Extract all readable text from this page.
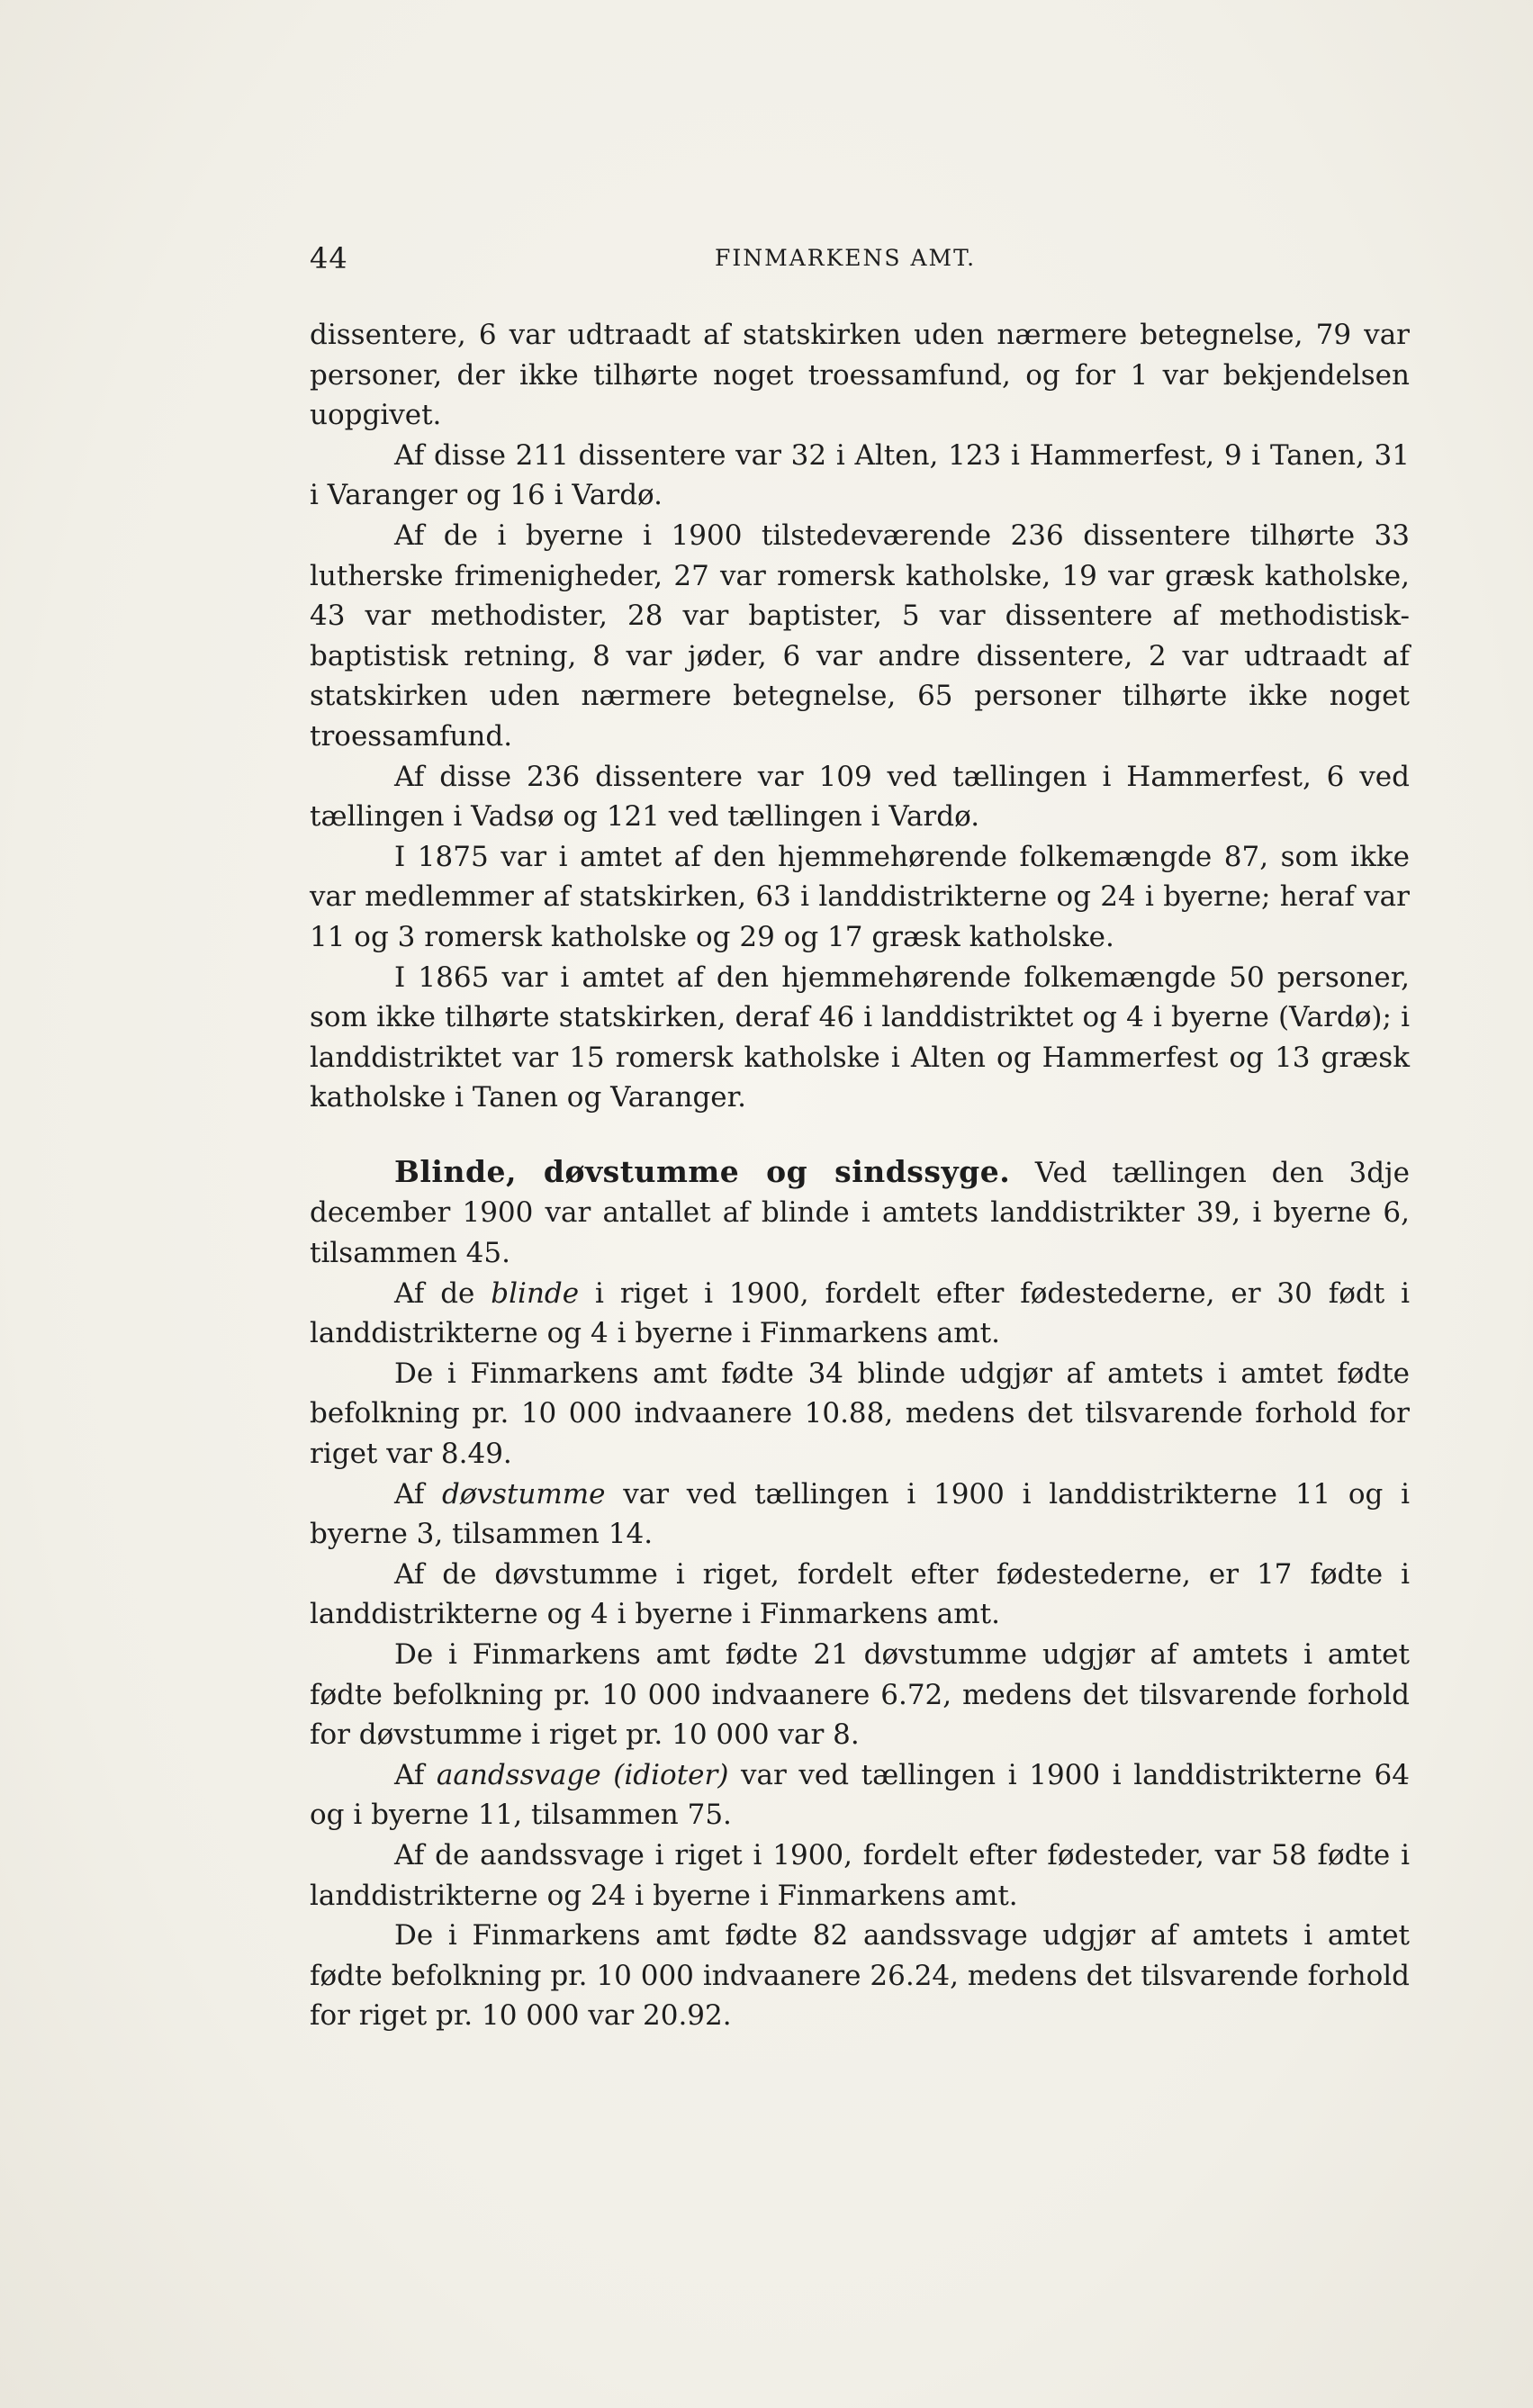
44	FINMARKENS AMT.

dissentere, 6 var udtraadt af statskirken uden nærmere betegnelse, 79 var personer, der ikke tilhørte noget troessamfund, og for 1 var bekjendelsen uopgivet.

Af disse 211 dissentere var 32 i Alten, 123 i Hammerfest, 9 i Tanen, 31 i Varanger og 16 i Vardø.

Af de i byerne i 1900 tilstedeværende 236 dissentere tilhørte 33 lutherske frimenigheder, 27 var romersk katholske, 19 var græsk katholske, 43 var methodister, 28 var baptister, 5 var dissentere af methodistisk-baptistisk retning, 8 var jøder, 6 var andre dissentere, 2 var udtraadt af statskirken uden nærmere betegnelse, 65 personer tilhørte ikke noget troessamfund.

Af disse 236 dissentere var 109 ved tællingen i Hammerfest, 6 ved tællingen i Vadsø og 121 ved tællingen i Vardø.

I 1875 var i amtet af den hjemmehørende folkemængde 87, som ikke var medlemmer af statskirken, 63 i landdistrikterne og 24 i byerne; heraf var 11 og 3 romersk katholske og 29 og 17 græsk katholske.

I 1865 var i amtet af den hjemmehørende folkemængde 50 personer, som ikke tilhørte statskirken, deraf 46 i landdistriktet og 4 i byerne (Vardø); i landdistriktet var 15 romersk katholske i Alten og Hammerfest og 13 græsk katholske i Tanen og Varanger.

Blinde, døvstumme og sindssyge. Ved tællingen den 3dje december 1900 var antallet af blinde i amtets landdistrikter 39, i byerne 6, tilsammen 45.

Af de blinde i riget i 1900, fordelt efter fødestederne, er 30 født i landdistrikterne og 4 i byerne i Finmarkens amt.

De i Finmarkens amt fødte 34 blinde udgjør af amtets i amtet fødte befolkning pr. 10 000 indvaanere 10.88, medens det tilsvarende forhold for riget var 8.49.

Af døvstumme var ved tællingen i 1900 i landdistrikterne 11 og i byerne 3, tilsammen 14.

Af de døvstumme i riget, fordelt efter fødestederne, er 17 fødte i landdistrikterne og 4 i byerne i Finmarkens amt.

De i Finmarkens amt fødte 21 døvstumme udgjør af amtets i amtet fødte befolkning pr. 10 000 indvaanere 6.72, medens det tilsvarende forhold for døvstumme i riget pr. 10 000 var 8.

Af aandssvage (idioter) var ved tællingen i 1900 i landdistrikterne 64 og i byerne 11, tilsammen 75.

Af de aandssvage i riget i 1900, fordelt efter fødesteder, var 58 fødte i landdistrikterne og 24 i byerne i Finmarkens amt.

De i Finmarkens amt fødte 82 aandssvage udgjør af amtets i amtet fødte befolkning pr. 10 000 indvaanere 26.24, medens det tilsvarende forhold for riget pr. 10 000 var 20.92.
